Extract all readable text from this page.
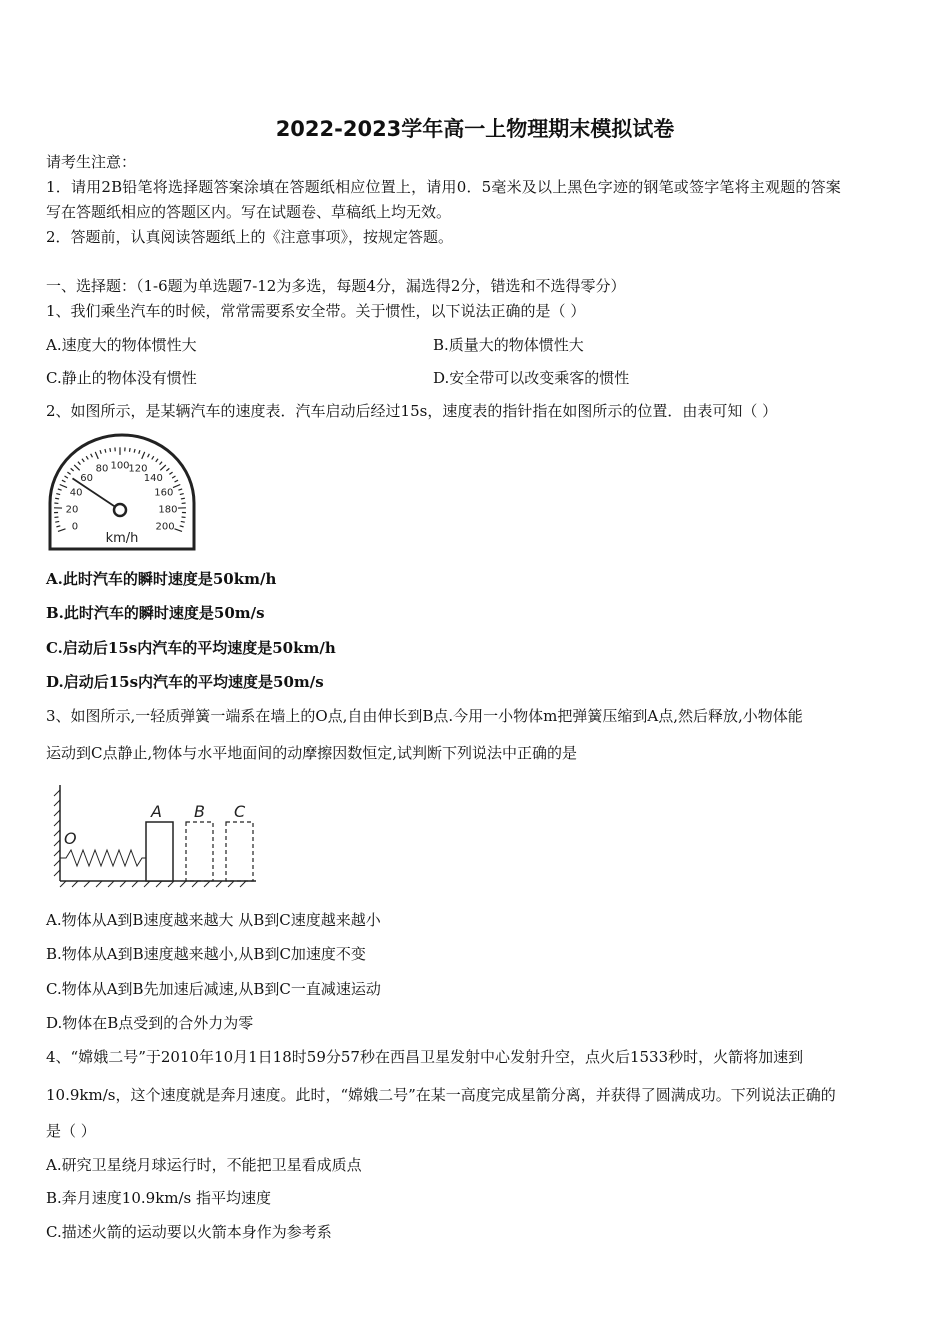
2022-2023学年高一上物理期末模拟试卷
请考生注意：
1．请用2B铅笔将选择题答案涂填在答题纸相应位置上，请用0．5毫米及以上黑色字迹的钢笔或签字笔将主观题的答案
写在答题纸相应的答题区内。写在试题卷、草稿纸上均无效。
2．答题前，认真阅读答题纸上的《注意事项》，按规定答题。
一、选择题：（1-6题为单选题7-12为多选，每题4分，漏选得2分，错选和不选得零分）
1、我们乘坐汽车的时候，常常需要系安全带。关于惯性，以下说法正确的是（ ）
A.速度大的物体惯性大	B.质量大的物体惯性大
C.静止的物体没有惯性	D.安全带可以改变乘客的惯性
2、如图所示，是某辆汽车的速度表．汽车启动后经过15s，速度表的指针指在如图所示的位置．由表可知（ ）
0
20
40
60
80 100
120
140
160
180
200
km/h
A.此时汽车的瞬时速度是50km/h
B.此时汽车的瞬时速度是50m/s
C.启动后15s内汽车的平均速度是50km/h
D.启动后15s内汽车的平均速度是50m/s
3、如图所示,一轻质弹簧一端系在墙上的O点,自由伸长到B点.今用一小物体m把弹簧压缩到A点,然后释放,小物体能
运动到C点静止,物体与水平地面间的动摩擦因数恒定,试判断下列说法中正确的是
O
A B C
A.物体从A到B速度越来越大 从B到C速度越来越小
B.物体从A到B速度越来越小,从B到C加速度不变
C.物体从A到B先加速后减速,从B到C一直减速运动
D.物体在B点受到的合外力为零
4、“嫦娥二号”于2010年10月1日18时59分57秒在西昌卫星发射中心发射升空，点火后1533秒时，火箭将加速到
10.9km/s，这个速度就是奔月速度。此时，“嫦娥二号”在某一高度完成星箭分离，并获得了圆满成功。下列说法正确的
是（ ）
A.研究卫星绕月球运行时，不能把卫星看成质点
B.奔月速度10.9km/s 指平均速度
C.描述火箭的运动要以火箭本身作为参考系
